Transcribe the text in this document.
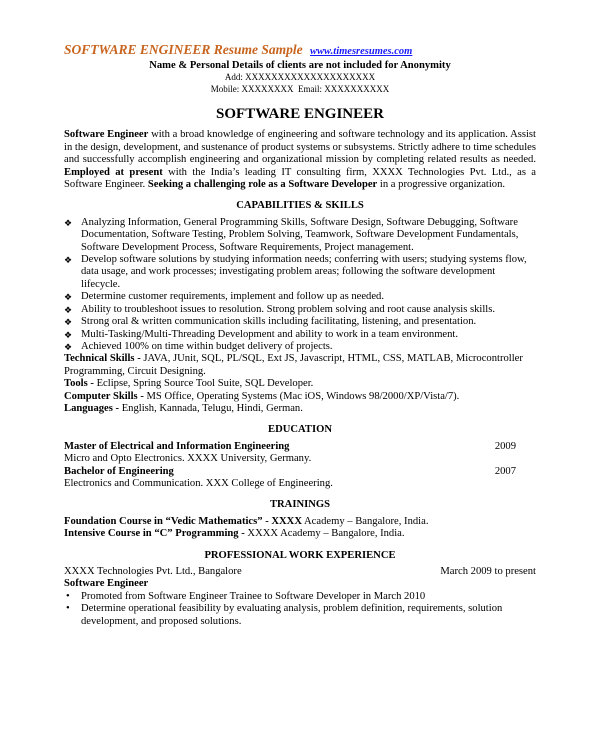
SOFTWARE ENGINEER Resume Sample www.timesresumes.com
Name & Personal Details of clients are not included for Anonymity
Add: XXXXXXXXXXXXXXXXXXXX
Mobile: XXXXXXXX Email: XXXXXXXXXX
SOFTWARE ENGINEER
Software Engineer with a broad knowledge of engineering and software technology and its application. Assist in the design, development, and sustenance of product systems or subsystems. Strictly adhere to time schedules and successfully accomplish engineering and organizational mission by completing related results as needed. Employed at present with the India’s leading IT consulting firm, XXXX Technologies Pvt. Ltd., as a Software Engineer. Seeking a challenging role as a Software Developer in a progressive organization.
CAPABILITIES & SKILLS
❖ Analyzing Information, General Programming Skills, Software Design, Software Debugging, Software Documentation, Software Testing, Problem Solving, Teamwork, Software Development Fundamentals, Software Development Process, Software Requirements, Project management.
❖ Develop software solutions by studying information needs; conferring with users; studying systems flow, data usage, and work processes; investigating problem areas; following the software development lifecycle.
❖ Determine customer requirements, implement and follow up as needed.
❖ Ability to troubleshoot issues to resolution. Strong problem solving and root cause analysis skills.
❖ Strong oral & written communication skills including facilitating, listening, and presentation.
❖ Multi-Tasking/Multi-Threading Development and ability to work in a team environment.
❖ Achieved 100% on time within budget delivery of projects.
Technical Skills - JAVA, JUnit, SQL, PL/SQL, Ext JS, Javascript, HTML, CSS, MATLAB, Microcontroller Programming, Circuit Designing.
Tools - Eclipse, Spring Source Tool Suite, SQL Developer.
Computer Skills - MS Office, Operating Systems (Mac iOS, Windows 98/2000/XP/Vista/7).
Languages - English, Kannada, Telugu, Hindi, German.
EDUCATION
Master of Electrical and Information Engineering	2009
Micro and Opto Electronics. XXXX University, Germany.
Bachelor of Engineering	2007
Electronics and Communication. XXX College of Engineering.
TRAININGS
Foundation Course in “Vedic Mathematics” - XXXX Academy – Bangalore, India.
Intensive Course in “C” Programming - XXXX Academy – Bangalore, India.
PROFESSIONAL WORK EXPERIENCE
XXXX Technologies Pvt. Ltd., Bangalore	March 2009 to present
Software Engineer
• Promoted from Software Engineer Trainee to Software Developer in March 2010
• Determine operational feasibility by evaluating analysis, problem definition, requirements, solution development, and proposed solutions.
